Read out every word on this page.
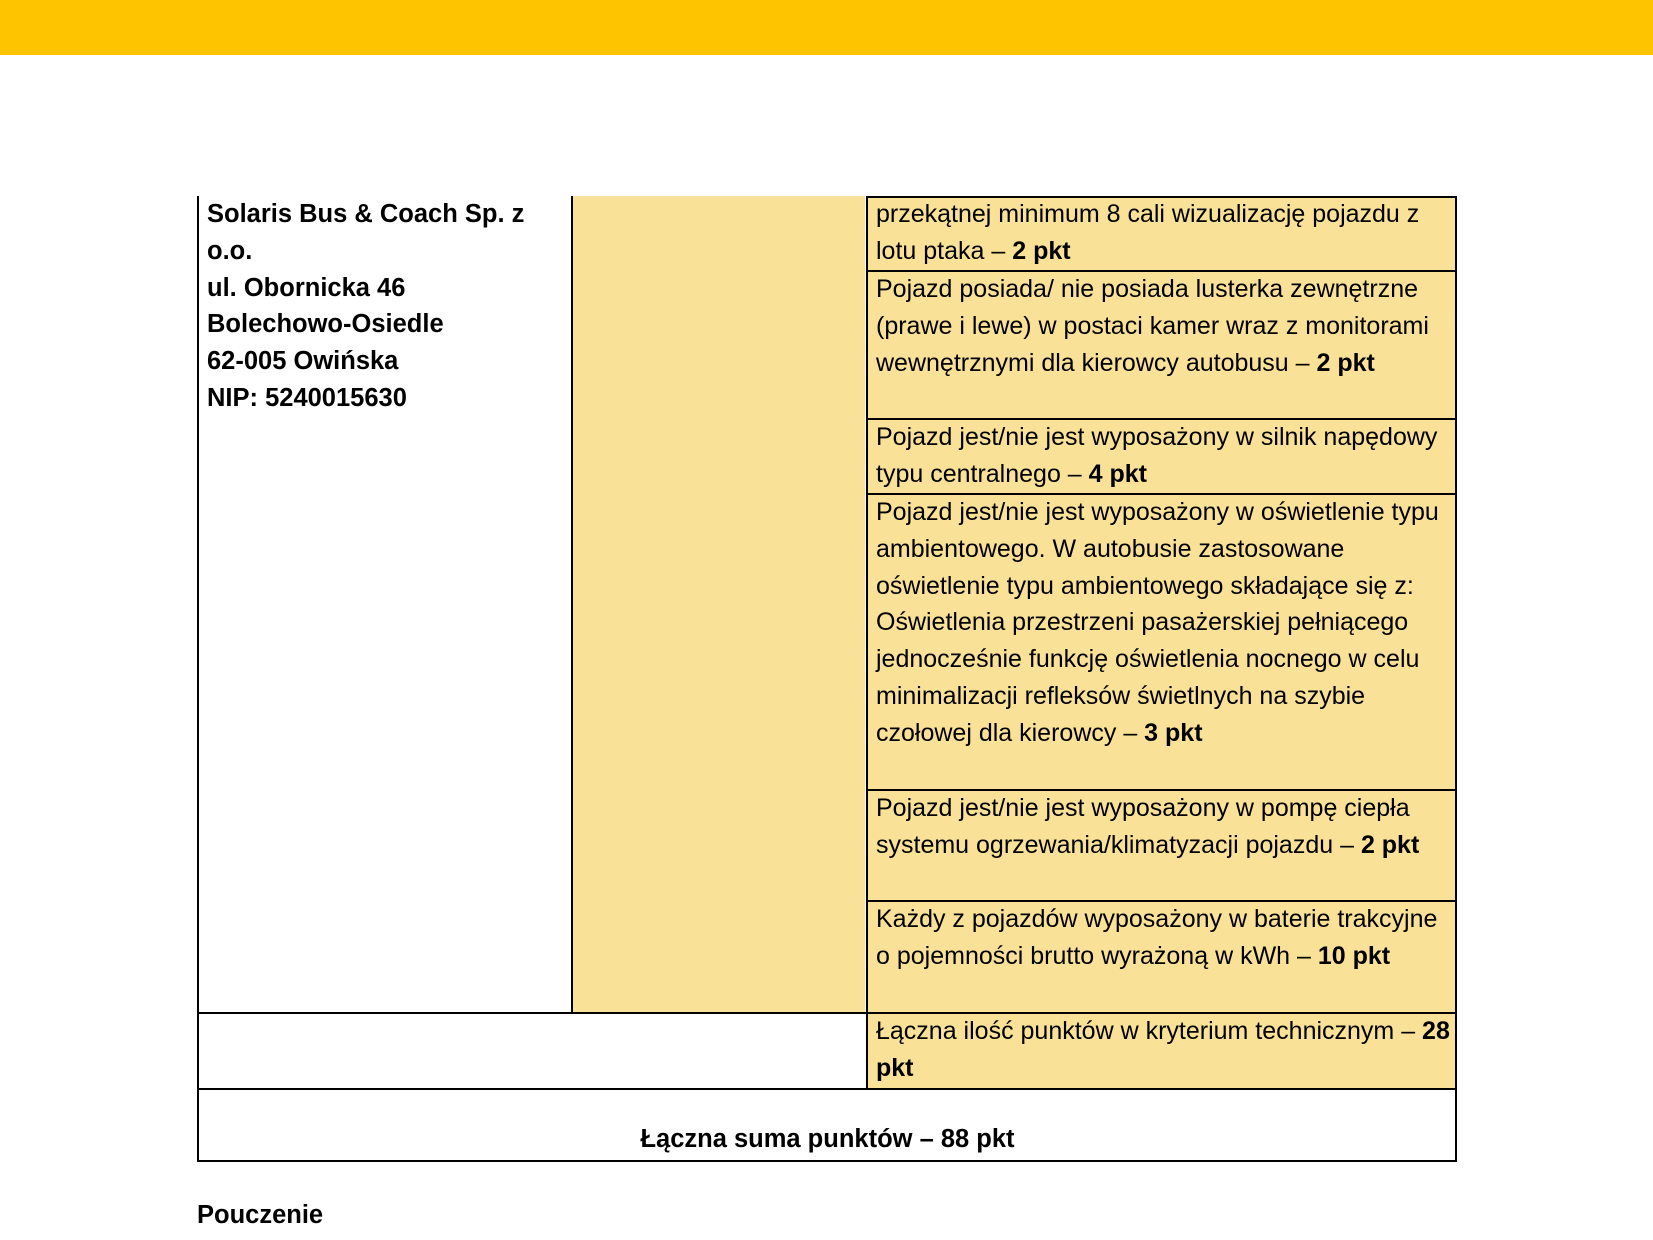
Solaris Bus & Coach Sp. z
o.o.
ul. Obornicka 46
Bolechowo-Osiedle
62-005 Owińska
NIP: 5240015630
przekątnej minimum 8 cali wizualizację pojazdu z lotu ptaka – 2 pkt
Pojazd posiada/ nie posiada lusterka zewnętrzne (prawe i lewe) w postaci kamer wraz z monitorami wewnętrznymi dla kierowcy autobusu – 2 pkt
Pojazd jest/nie jest wyposażony w silnik napędowy typu centralnego – 4 pkt
Pojazd jest/nie jest wyposażony w oświetlenie typu ambientowego. W autobusie zastosowane oświetlenie typu ambientowego składające się z: Oświetlenia przestrzeni pasażerskiej pełniącego jednocześnie funkcję oświetlenia nocnego w celu minimalizacji refleksów świetlnych na szybie czołowej dla kierowcy – 3 pkt
Pojazd jest/nie jest wyposażony w pompę ciepła systemu ogrzewania/klimatyzacji pojazdu – 2 pkt
Każdy z pojazdów wyposażony w baterie trakcyjne o pojemności brutto wyrażoną w kWh – 10 pkt
Łączna ilość punktów w kryterium technicznym – 28 pkt
Łączna suma punktów – 88 pkt
Pouczenie
